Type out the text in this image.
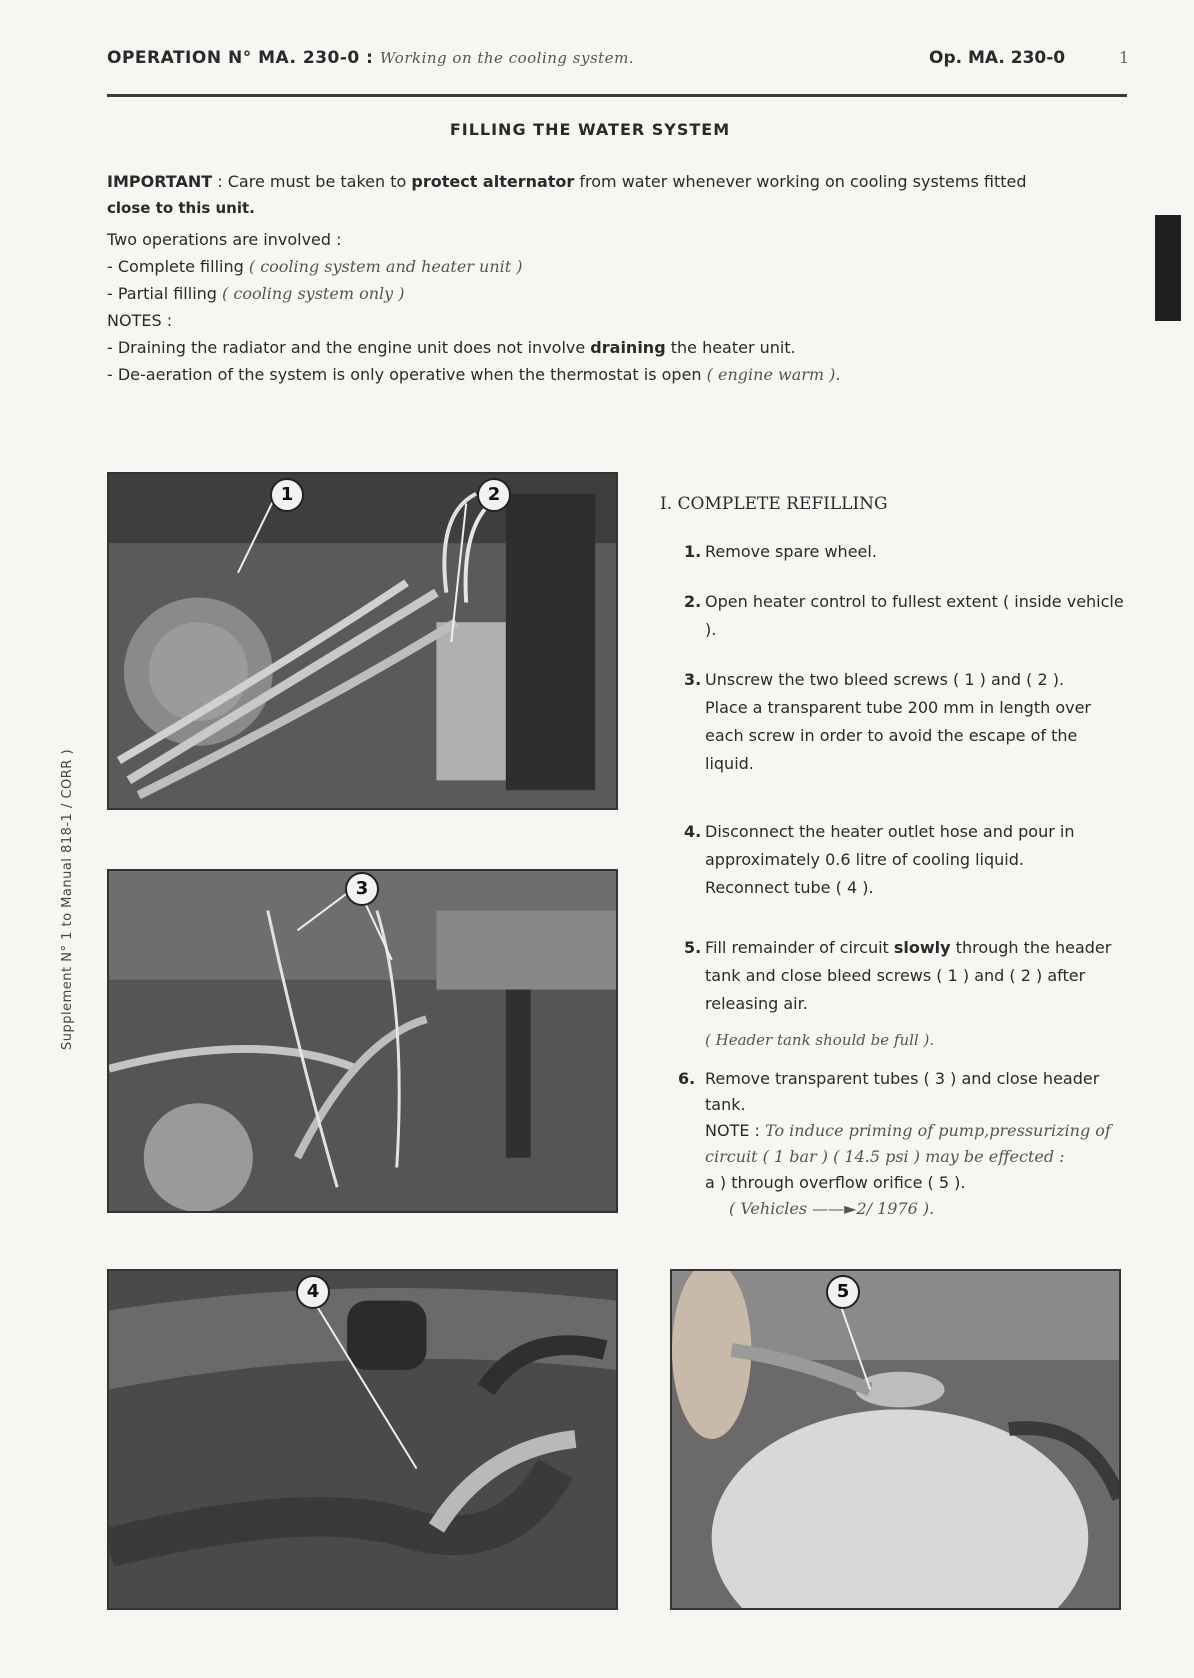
OPERATION N° MA. 230-0 : Working on the cooling system.	Op. MA. 230-0	1
FILLING THE WATER SYSTEM

IMPORTANT : Care must be taken to protect alternator from water whenever working on cooling systems fitted

close to this unit.

Two operations are involved :

- Complete filling ( cooling system and heater unit )

- Partial filling ( cooling system only )

NOTES :

- Draining the radiator and the engine unit does not involve draining the heater unit.

- De-aeration of the system is only operative when the thermostat is open ( engine warm ).

Supplement N° 1 to Manual 818-1 / CORR )
1	2
3
4	5
I. COMPLETE REFILLING
1. Remove spare wheel.
2. Open heater control to fullest extent ( inside vehicle ).
3. Unscrew the two bleed screws ( 1 ) and ( 2 ).
Place a transparent tube 200 mm in length over each screw in order to avoid the escape of the liquid.
4. Disconnect the heater outlet hose and pour in approximately 0.6 litre of cooling liquid.
Reconnect tube ( 4 ).
5. Fill remainder of circuit slowly through the header tank and close bleed screws ( 1 ) and ( 2 ) after releasing air.
( Header tank should be full ).
6. Remove transparent tubes ( 3 ) and close header tank.
NOTE : To induce priming of pump,pressurizing of circuit ( 1 bar ) ( 14.5 psi ) may be effected :
a ) through overflow orifice ( 5 ).
( Vehicles ——►2/ 1976 ).
